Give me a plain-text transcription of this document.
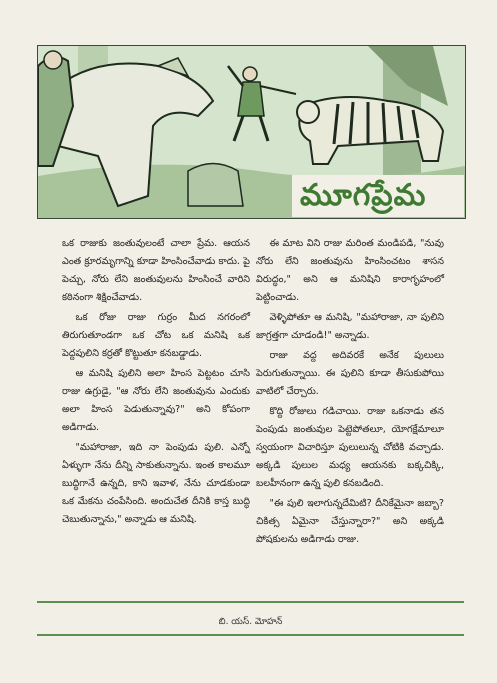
మూగప్రేమ

ఒక రాజుకు జంతువులంటే చాలా ప్రేమ. ఆయన ఎంత క్రూరమృగాన్ని కూడా హింసించేవాడు కాదు. పై పెచ్చు, నోరు లేని జంతువులను హింసించే వారిని కఠినంగా శిక్షించేవాడు.

ఒక రోజు రాజు గుర్రం మీద నగరంలో తిరుగుతూండగా ఒక చోట ఒక మనిషి ఒక పెద్దపులిని కర్రతో కొట్టుతూ కనబడ్డాడు.

ఆ మనిషి పులిని అలా హింస పెట్టటం చూసి రాజు ఉగ్రుడై, "ఆ నోరు లేని జంతువును ఎందుకు అలా హింస పెడుతున్నావు?" అని కోపంగా అడిగాడు.

"మహారాజా, ఇది నా పెంపుడు పులి. ఎన్నో ఏళ్ళుగా నేను దీన్ని సాకుతున్నాను. ఇంత కాలమూ బుద్ధిగానే ఉన్నది, కాని ఇవాళ, నేను చూడకుండా ఒక మేకను చంపేసింది. అందుచేత దీనికి కాస్త బుద్ధి చెబుతున్నాను," అన్నాడు ఆ మనిషి.

ఈ మాట విని రాజు మరింత మండిపడి, "నువు నోరు లేని జంతువును హింసించటం శాసన విరుద్ధం," అని ఆ మనిషిని కారాగృహంలో పెట్టించాడు.

వెళ్ళిపోతూ ఆ మనిషి, "మహారాజా, నా పులిని జాగ్రత్తగా చూడండి!" అన్నాడు.

రాజు వద్ద అదివరకే అనేక పులులు పెరుగుతున్నాయి. ఈ పులిని కూడా తీసుకుపోయి వాటిలో చేర్చారు.

కొద్ది రోజులు గడిచాయి. రాజు ఒకనాడు తన పెంపుడు జంతువుల పెట్టెపోతలూ, యోగక్షేమాలూ స్వయంగా విచారిస్తూ పులులున్న చోటికి వచ్చాడు. అక్కడి పులుల మధ్య ఆయనకు బక్కచిక్కి, బలహీనంగా ఉన్న పులి కనబడింది.

"ఈ పులి ఇలాగున్నదేమిటి? దీనికేమైనా జబ్బా? చికిత్స ఏమైనా చేస్తున్నారా?" అని అక్కడి పోషకులను అడిగాడు రాజు.

బి. యస్. మోహన్
